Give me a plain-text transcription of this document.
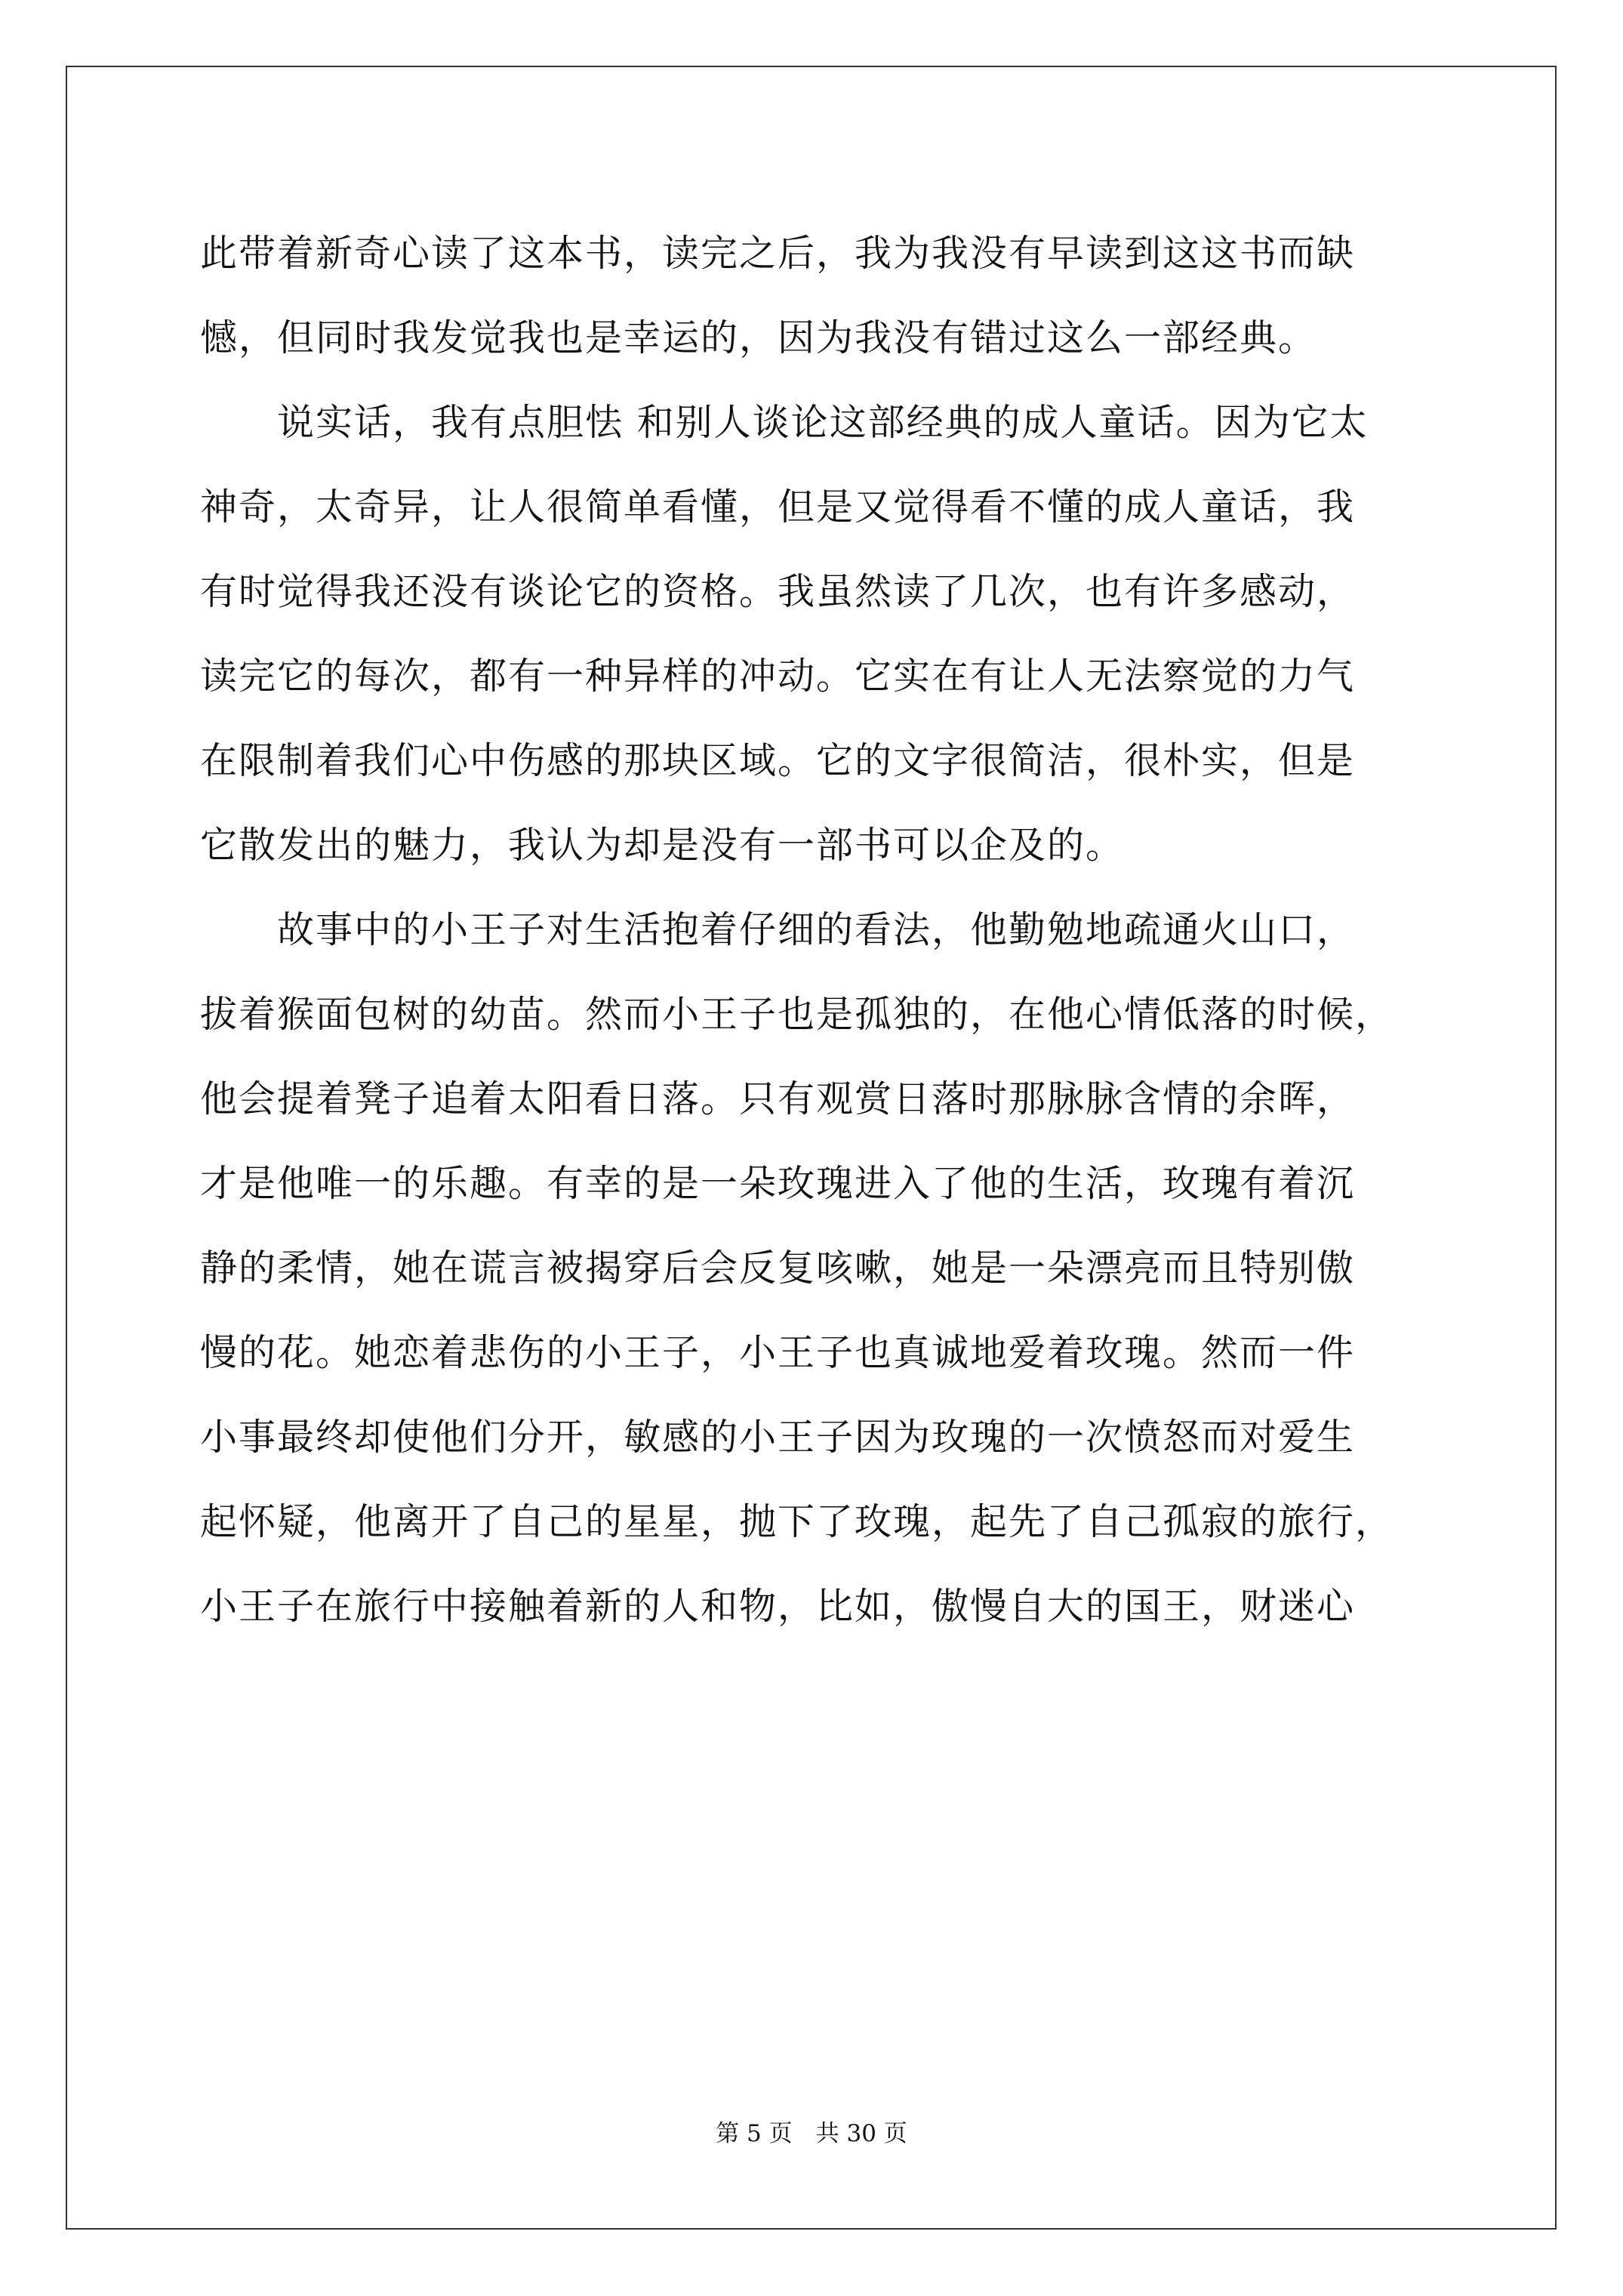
此带着新奇心读了这本书，读完之后，我为我没有早读到这这书而缺
憾，但同时我发觉我也是幸运的，因为我没有错过这么一部经典。
　　说实话，我有点胆怯 和别人谈论这部经典的成人童话。因为它太
神奇，太奇异，让人很简单看懂，但是又觉得看不懂的成人童话，我
有时觉得我还没有谈论它的资格。我虽然读了几次，也有许多感动，
读完它的每次，都有一种异样的冲动。它实在有让人无法察觉的力气
在限制着我们心中伤感的那块区域。它的文字很简洁，很朴实，但是
它散发出的魅力，我认为却是没有一部书可以企及的。
　　故事中的小王子对生活抱着仔细的看法，他勤勉地疏通火山口，
拔着猴面包树的幼苗。然而小王子也是孤独的，在他心情低落的时候，
他会提着凳子追着太阳看日落。只有观赏日落时那脉脉含情的余晖，
才是他唯一的乐趣。有幸的是一朵玫瑰进入了他的生活，玫瑰有着沉
静的柔情，她在谎言被揭穿后会反复咳嗽，她是一朵漂亮而且特别傲
慢的花。她恋着悲伤的小王子，小王子也真诚地爱着玫瑰。然而一件
小事最终却使他们分开，敏感的小王子因为玫瑰的一次愤怒而对爱生
起怀疑，他离开了自己的星星，抛下了玫瑰，起先了自己孤寂的旅行，
小王子在旅行中接触着新的人和物，比如，傲慢自大的国王，财迷心
第 5 页　共 30 页
